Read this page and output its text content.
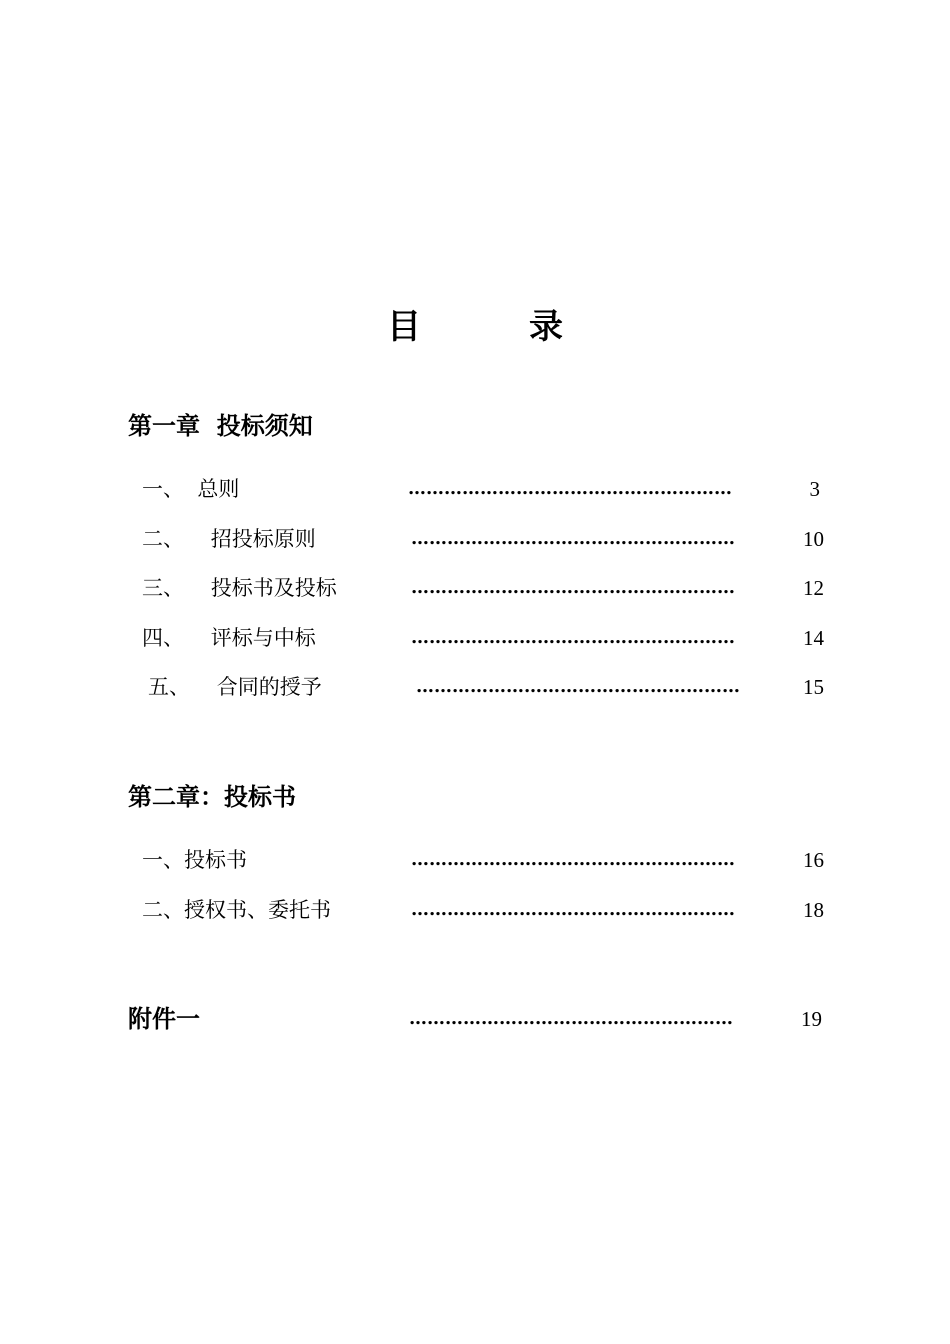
目	录
第一章  投标须知
一、  总则	………………………………………………	3
二、    招投标原则	………………………………………………	10
三、    投标书及投标	………………………………………………	12
四、    评标与中标	………………………………………………	14
五、    合同的授予	………………………………………………	15
第二章：投标书
一、投标书	………………………………………………	16
二、授权书、委托书	………………………………………………	18
附件一	………………………………………………	19
